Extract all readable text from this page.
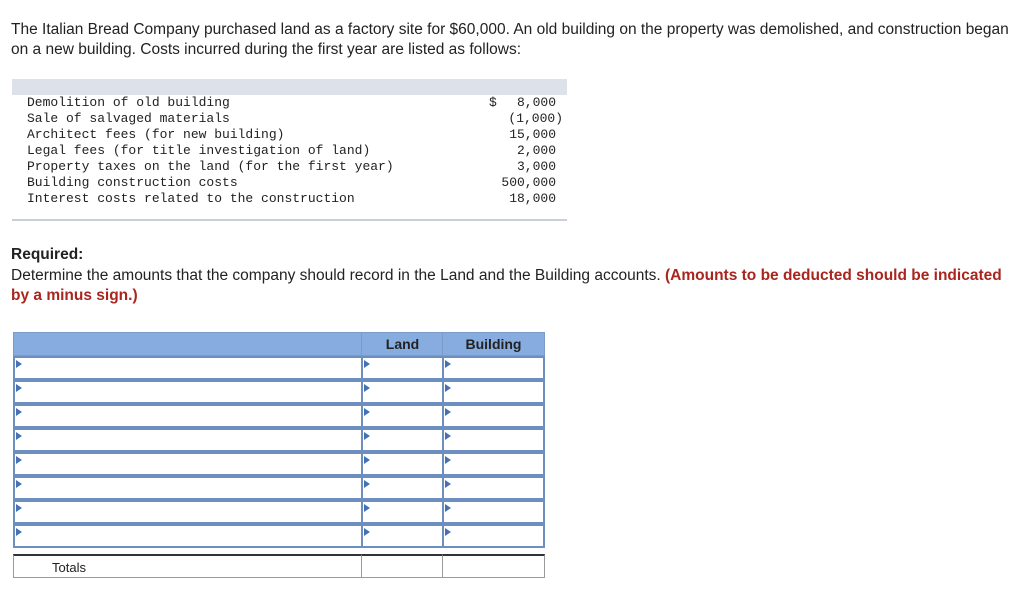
The Italian Bread Company purchased land as a factory site for $60,000. An old building on the property was demolished, and construction began on a new building. Costs incurred during the first year are listed as follows:
Demolition of old building	$ 8,000
Sale of salvaged materials	(1,000)
Architect fees (for new building)	15,000
Legal fees (for title investigation of land)	2,000
Property taxes on the land (for the first year)	3,000
Building construction costs	500,000
Interest costs related to the construction	18,000
Required:
Determine the amounts that the company should record in the Land and the Building accounts. (Amounts to be deducted should be indicated by a minus sign.)
Land	Building
Totals
